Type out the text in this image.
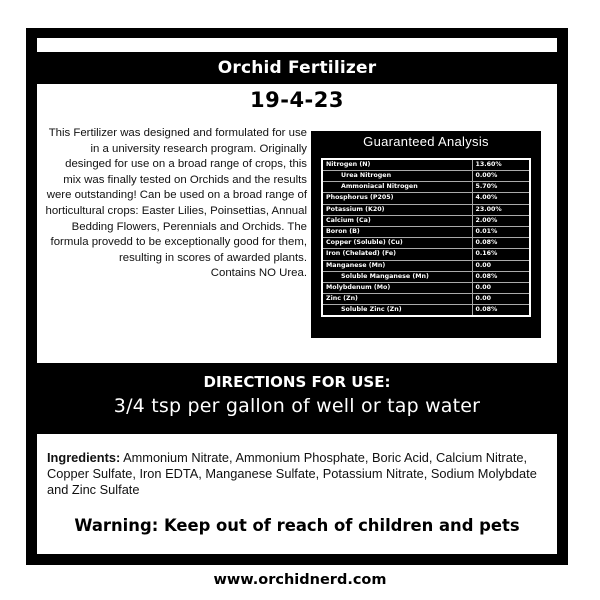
Orchid Fertilizer
19-4-23
This Fertilizer was designed and formulated for use in a university research program. Originally desinged for use on a broad range of crops, this mix was finally tested on Orchids and the results were outstanding! Can be used on a broad range of horticultural crops: Easter Lilies, Poinsettias, Annual Bedding Flowers, Perennials and Orchids. The formula provedd to be exceptionally good for them, resulting in scores of awarded plants.
Contains NO Urea.
Guaranteed Analysis
Nitrogen (N)	13.60%
Urea Nitrogen	0.00%
Ammoniacal Nitrogen	5.70%
Phosphorus (P205)	4.00%
Potassium (K20)	23.00%
Calcium (Ca)	2.00%
Boron (B)	0.01%
Copper (Soluble) (Cu)	0.08%
Iron (Chelated) (Fe)	0.16%
Manganese (Mn)	0.00
Soluble Manganese (Mn)	0.08%
Molybdenum (Mo)	0.00
Zinc (Zn)	0.00
Soluble Zinc (Zn)	0.08%
DIRECTIONS FOR USE:
3/4 tsp per gallon of well or tap water
Ingredients: Ammonium Nitrate, Ammonium Phosphate, Boric Acid, Calcium Nitrate, Copper Sulfate, Iron EDTA, Manganese Sulfate, Potassium Nitrate, Sodium Molybdate and Zinc Sulfate
Warning: Keep out of reach of children and pets
www.orchidnerd.com
